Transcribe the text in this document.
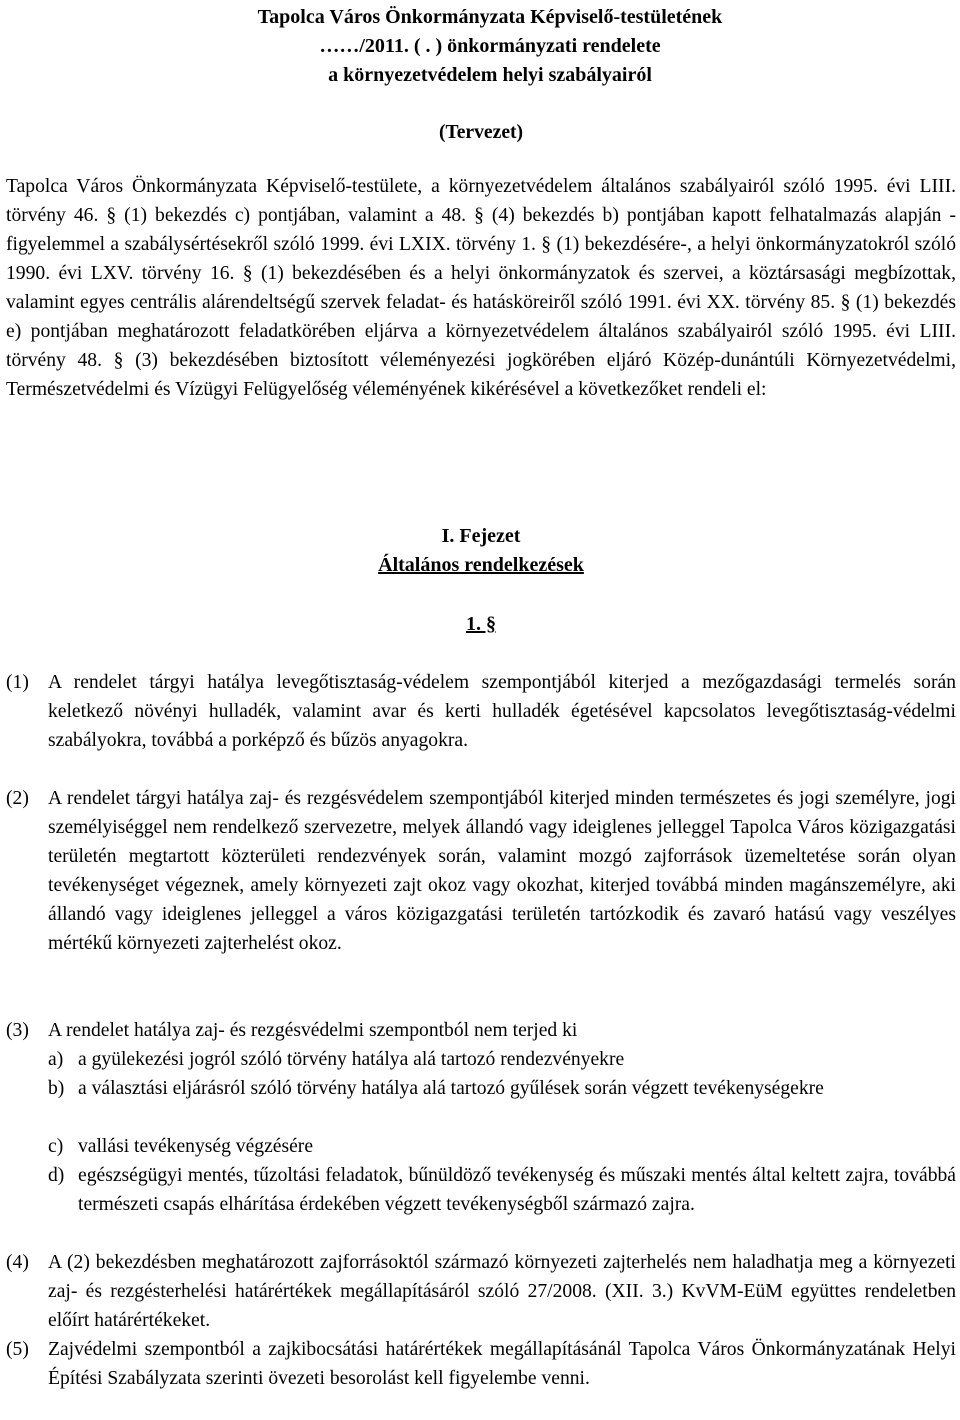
Tapolca Város Önkormányzata Képviselő-testületének
……/2011. ( . ) önkormányzati rendelete
a környezetvédelem helyi szabályairól
(Tervezet)

Tapolca Város Önkormányzata Képviselő-testülete, a környezetvédelem általános szabályairól szóló 1995. évi LIII. törvény 46. § (1) bekezdés c) pontjában, valamint a 48. § (4) bekezdés b) pontjában kapott felhatalmazás alapján - figyelemmel a szabálysértésekről szóló 1999. évi LXIX. törvény 1. § (1) bekezdésére-, a helyi önkormányzatokról szóló 1990. évi LXV. törvény 16. § (1) bekezdésében és a helyi önkormányzatok és szervei, a köztársasági megbízottak, valamint egyes centrális alárendeltségű szervek feladat- és hatásköreiről szóló 1991. évi XX. törvény 85. § (1) bekezdés e) pontjában meghatározott feladatkörében eljárva a környezetvédelem általános szabályairól szóló 1995. évi LIII. törvény 48. § (3) bekezdésében biztosított véleményezési jogkörében eljáró Közép-dunántúli Környezetvédelmi, Természetvédelmi és Vízügyi Felügyelőség véleményének kikérésével a következőket rendeli el:

I. Fejezet
Általános rendelkezések
1. §
(1) A rendelet tárgyi hatálya levegőtisztaság-védelem szempontjából kiterjed a mezőgazdasági termelés során keletkező növényi hulladék, valamint avar és kerti hulladék égetésével kapcsolatos levegőtisztaság-védelmi szabályokra, továbbá a porképző és bűzös anyagokra.
(2) A rendelet tárgyi hatálya zaj- és rezgésvédelem szempontjából kiterjed minden természetes és jogi személyre, jogi személyiséggel nem rendelkező szervezetre, melyek állandó vagy ideiglenes jelleggel Tapolca Város közigazgatási területén megtartott közterületi rendezvények során, valamint mozgó zajforrások üzemeltetése során olyan tevékenységet végeznek, amely környezeti zajt okoz vagy okozhat, kiterjed továbbá minden magánszemélyre, aki állandó vagy ideiglenes jelleggel a város közigazgatási területén tartózkodik és zavaró hatású vagy veszélyes mértékű környezeti zajterhelést okoz.
(3) A rendelet hatálya zaj- és rezgésvédelmi szempontból nem terjed ki
a) a gyülekezési jogról szóló törvény hatálya alá tartozó rendezvényekre
b) a választási eljárásról szóló törvény hatálya alá tartozó gyűlések során végzett tevékenységekre
c) vallási tevékenység végzésére
d) egészségügyi mentés, tűzoltási feladatok, bűnüldöző tevékenység és műszaki mentés által keltett zajra, továbbá természeti csapás elhárítása érdekében végzett tevékenységből származó zajra.
(4) A (2) bekezdésben meghatározott zajforrásoktól származó környezeti zajterhelés nem haladhatja meg a környezeti zaj- és rezgésterhelési határértékek megállapításáról szóló 27/2008. (XII. 3.) KvVM-EüM együttes rendeletben előírt határértékeket.
(5) Zajvédelmi szempontból a zajkibocsátási határértékek megállapításánál Tapolca Város Önkormányzatának Helyi Építési Szabályzata szerinti övezeti besorolást kell figyelembe venni.
